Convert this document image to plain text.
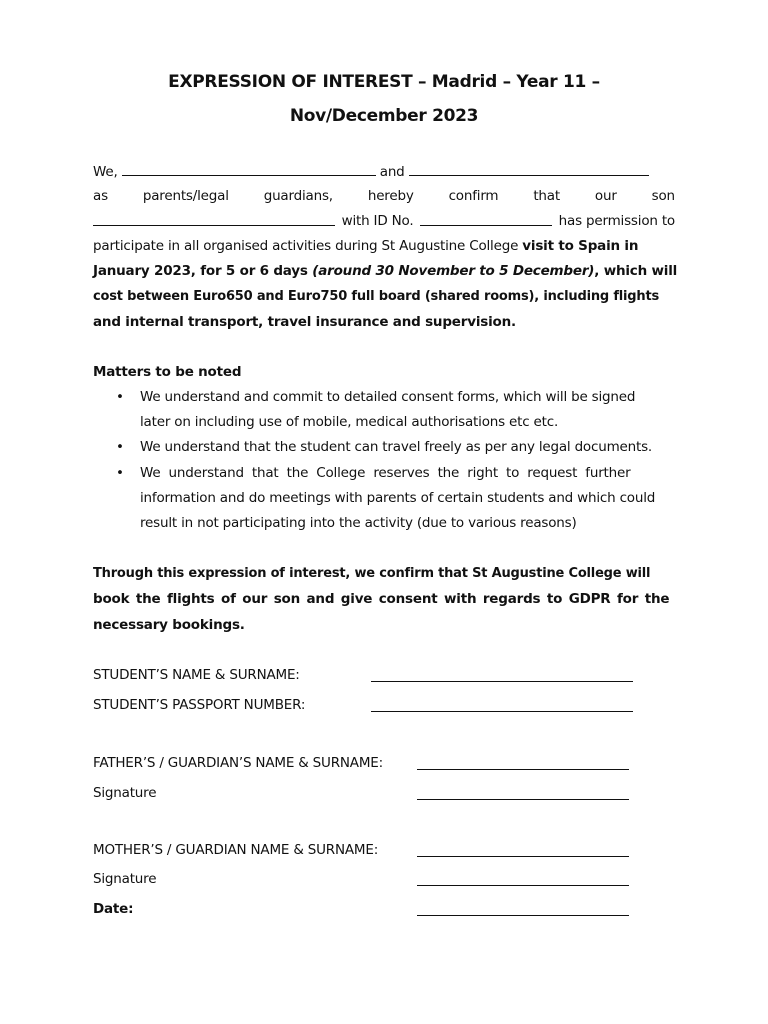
EXPRESSION OF INTEREST – Madrid – Year 11 –
Nov/December 2023
We,	and
as	parents/legal	guardians,	hereby	confirm	that	our	son
with ID No.	has permission to
participate in all organised activities during St Augustine College visit to Spain in
January 2023, for 5 or 6 days (around 30 November to 5 December), which will
cost between Euro650 and Euro750 full board (shared rooms), including flights
and internal transport, travel insurance and supervision.
Matters to be noted
• We understand and commit to detailed consent forms, which will be signed
later on including use of mobile, medical authorisations etc etc.
• We understand that the student can travel freely as per any legal documents.
• We understand that the College reserves the right to request further
information and do meetings with parents of certain students and which could
result in not participating into the activity (due to various reasons)
Through this expression of interest, we confirm that St Augustine College will
book the flights of our son and give consent with regards to GDPR for the
necessary bookings.
STUDENT’S NAME & SURNAME:
STUDENT’S PASSPORT NUMBER:
FATHER’S / GUARDIAN’S NAME & SURNAME:
Signature
MOTHER’S / GUARDIAN NAME & SURNAME:
Signature
Date:
